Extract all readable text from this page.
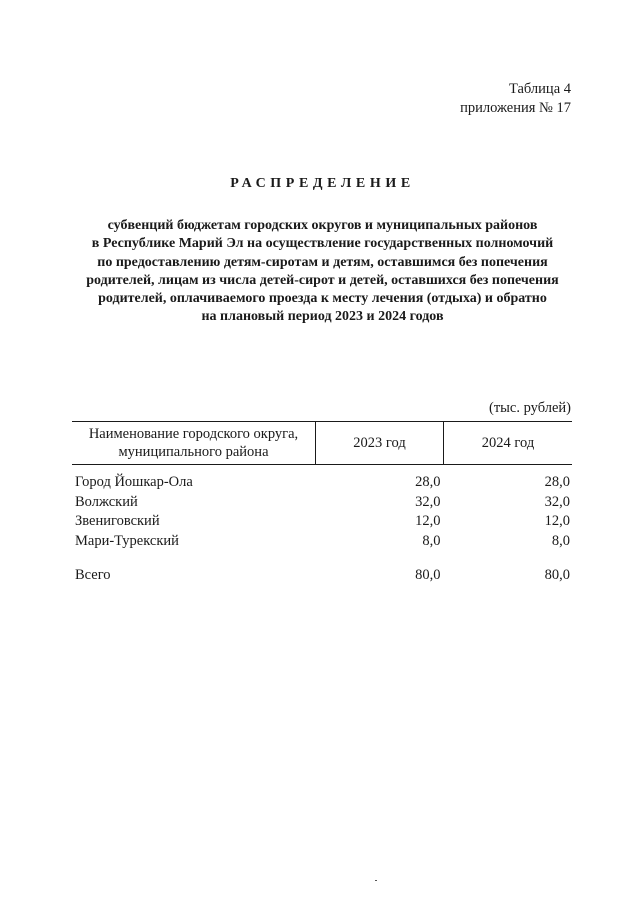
Таблица 4
приложения № 17
РАСПРЕДЕЛЕНИЕ
субвенций бюджетам городских округов и муниципальных районов
в Республике Марий Эл на осуществление государственных полномочий
по предоставлению детям-сиротам и детям, оставшимся без попечения
родителей, лицам из числа детей-сирот и детей, оставшихся без попечения
родителей, оплачиваемого проезда к месту лечения (отдыха) и обратно
на плановый период 2023 и 2024 годов
(тыс. рублей)
Наименование городского округа, муниципального района	2023 год	2024 год
Город Йошкар-Ола	28,0	28,0
Волжский	32,0	32,0
Звениговский	12,0	12,0
Мари-Турекский	8,0	8,0

Всего	80,0	80,0
